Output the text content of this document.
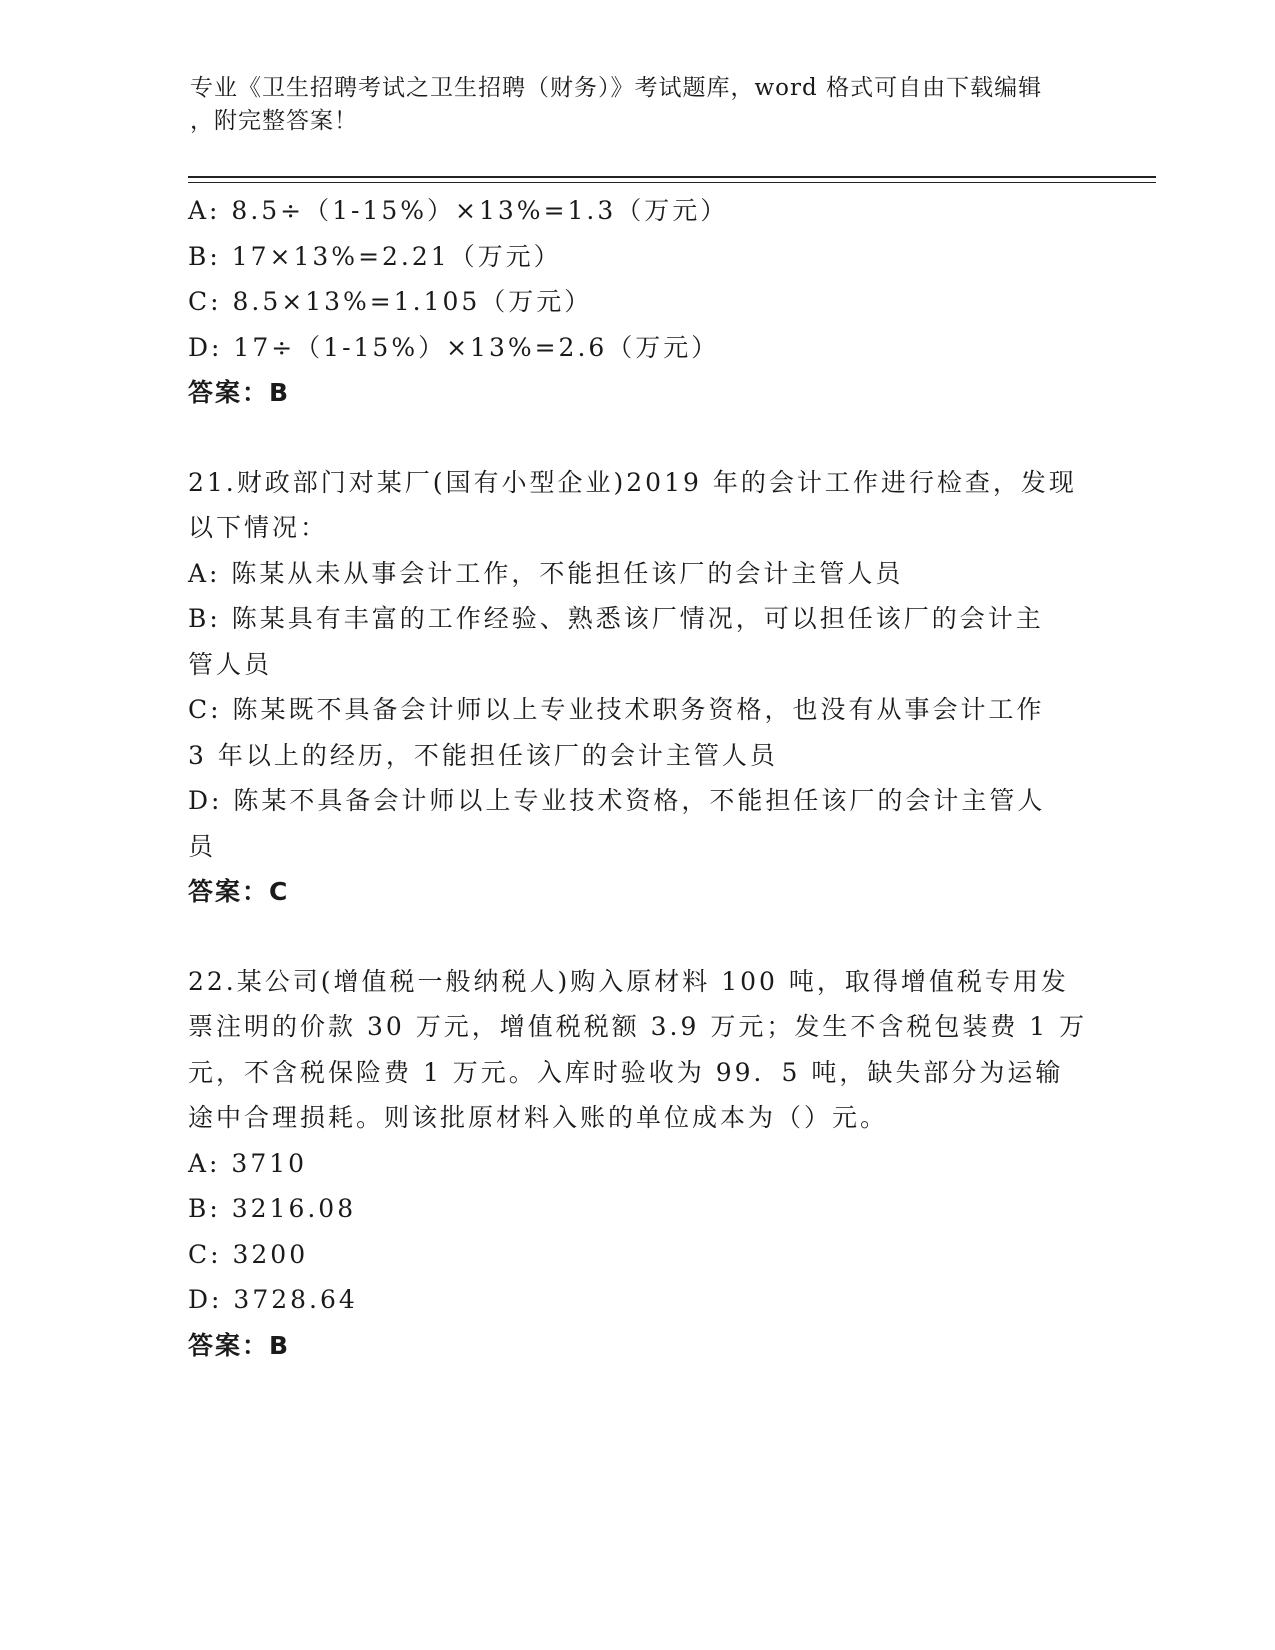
专业《卫生招聘考试之卫生招聘（财务）》考试题库，word 格式可自由下载编辑
，附完整答案！
A: 8.5÷（1-15%）×13%=1.3（万元）
B: 17×13%=2.21（万元）
C: 8.5×13%=1.105（万元）
D: 17÷（1-15%）×13%=2.6（万元）
答案：B
21.财政部门对某厂(国有小型企业)2019 年的会计工作进行检查，发现
以下情况：
A: 陈某从未从事会计工作，不能担任该厂的会计主管人员
B: 陈某具有丰富的工作经验、熟悉该厂情况，可以担任该厂的会计主
管人员
C: 陈某既不具备会计师以上专业技术职务资格，也没有从事会计工作
3 年以上的经历，不能担任该厂的会计主管人员
D: 陈某不具备会计师以上专业技术资格，不能担任该厂的会计主管人
员
答案：C
22.某公司(增值税一般纳税人)购入原材料 100 吨，取得增值税专用发
票注明的价款 30 万元，增值税税额 3.9 万元；发生不含税包装费 1 万
元，不含税保险费 1 万元。入库时验收为 99．5 吨，缺失部分为运输
途中合理损耗。则该批原材料入账的单位成本为（）元。
A: 3710
B: 3216.08
C: 3200
D: 3728.64
答案：B
